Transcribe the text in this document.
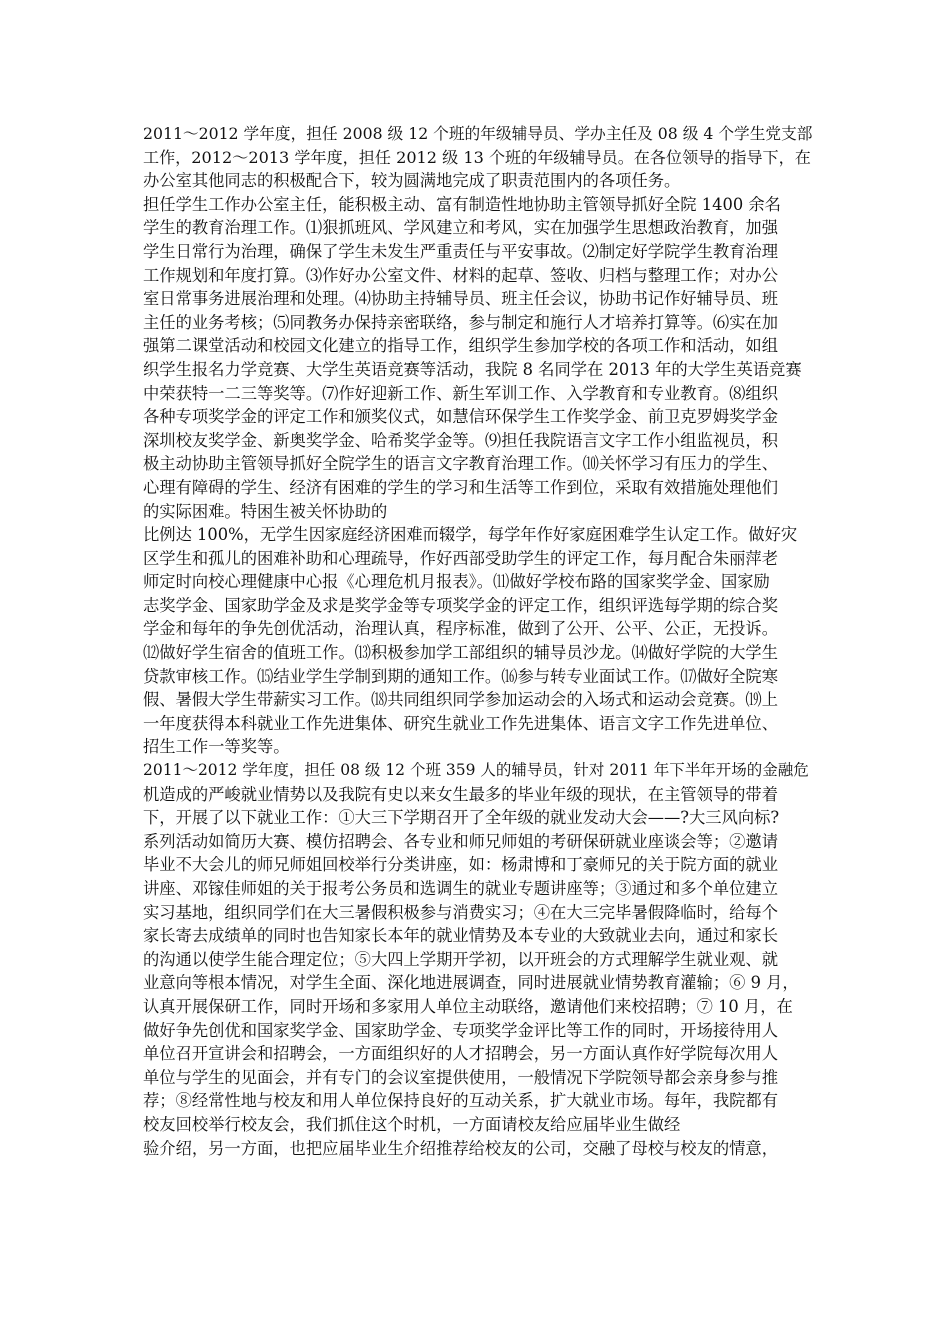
2011～2012 学年度，担任 2008 级 12 个班的年级辅导员、学办主任及 08 级 4 个学生党支部
工作，2012～2013 学年度，担任 2012 级 13 个班的年级辅导员。在各位领导的指导下，在
办公室其他同志的积极配合下，较为圆满地完成了职责范围内的各项任务。
担任学生工作办公室主任，能积极主动、富有制造性地协助主管领导抓好全院 1400 余名
学生的教育治理工作。⑴狠抓班风、学风建立和考风，实在加强学生思想政治教育，加强
学生日常行为治理，确保了学生未发生严重责任与平安事故。⑵制定好学院学生教育治理
工作规划和年度打算。⑶作好办公室文件、材料的起草、签收、归档与整理工作；对办公
室日常事务进展治理和处理。⑷协助主持辅导员、班主任会议，协助书记作好辅导员、班
主任的业务考核；⑸同教务办保持亲密联络，参与制定和施行人才培养打算等。⑹实在加
强第二课堂活动和校园文化建立的指导工作，组织学生参加学校的各项工作和活动，如组
织学生报名力学竞赛、大学生英语竞赛等活动，我院 8 名同学在 2013 年的大学生英语竞赛
中荣获特一二三等奖等。⑺作好迎新工作、新生军训工作、入学教育和专业教育。⑻组织
各种专项奖学金的评定工作和颁奖仪式，如慧信环保学生工作奖学金、前卫克罗姆奖学金
深圳校友奖学金、新奥奖学金、哈希奖学金等。⑼担任我院语言文字工作小组监视员，积
极主动协助主管领导抓好全院学生的语言文字教育治理工作。⑽关怀学习有压力的学生、
心理有障碍的学生、经济有困难的学生的学习和生活等工作到位，采取有效措施处理他们
的实际困难。特困生被关怀协助的
比例达 100%，无学生因家庭经济困难而辍学，每学年作好家庭困难学生认定工作。做好灾
区学生和孤儿的困难补助和心理疏导，作好西部受助学生的评定工作，每月配合朱丽萍老
师定时向校心理健康中心报《心理危机月报表》。⑾做好学校布路的国家奖学金、国家励
志奖学金、国家助学金及求是奖学金等专项奖学金的评定工作，组织评选每学期的综合奖
学金和每年的争先创优活动，治理认真，程序标准，做到了公开、公平、公正，无投诉。
⑿做好学生宿舍的值班工作。⒀积极参加学工部组织的辅导员沙龙。⒁做好学院的大学生
贷款审核工作。⒂结业学生学制到期的通知工作。⒃参与转专业面试工作。⒄做好全院寒
假、暑假大学生带薪实习工作。⒅共同组织同学参加运动会的入场式和运动会竞赛。⒆上
一年度获得本科就业工作先进集体、研究生就业工作先进集体、语言文字工作先进单位、
招生工作一等奖等。
2011～2012 学年度，担任 08 级 12 个班 359 人的辅导员，针对 2011 年下半年开场的金融危
机造成的严峻就业情势以及我院有史以来女生最多的毕业年级的现状，在主管领导的带着
下，开展了以下就业工作：①大三下学期召开了全年级的就业发动大会——?大三风向标?
系列活动如简历大赛、模仿招聘会、各专业和师兄师姐的考研保研就业座谈会等；②邀请
毕业不大会儿的师兄师姐回校举行分类讲座，如：杨肃博和丁豪师兄的关于院方面的就业
讲座、邓镓佳师姐的关于报考公务员和选调生的就业专题讲座等；③通过和多个单位建立
实习基地，组织同学们在大三暑假积极参与消费实习；④在大三完毕暑假降临时，给每个
家长寄去成绩单的同时也告知家长本年的就业情势及本专业的大致就业去向，通过和家长
的沟通以使学生能合理定位；⑤大四上学期开学初，以开班会的方式理解学生就业观、就
业意向等根本情况，对学生全面、深化地进展调查，同时进展就业情势教育灌输；⑥ 9 月，
认真开展保研工作，同时开场和多家用人单位主动联络，邀请他们来校招聘；⑦ 10 月，在
做好争先创优和国家奖学金、国家助学金、专项奖学金评比等工作的同时，开场接待用人
单位召开宣讲会和招聘会，一方面组织好的人才招聘会，另一方面认真作好学院每次用人
单位与学生的见面会，并有专门的会议室提供使用，一般情况下学院领导都会亲身参与推
荐；⑧经常性地与校友和用人单位保持良好的互动关系，扩大就业市场。每年，我院都有
校友回校举行校友会，我们抓住这个时机，一方面请校友给应届毕业生做经
验介绍，另一方面，也把应届毕业生介绍推荐给校友的公司，交融了母校与校友的情意，
